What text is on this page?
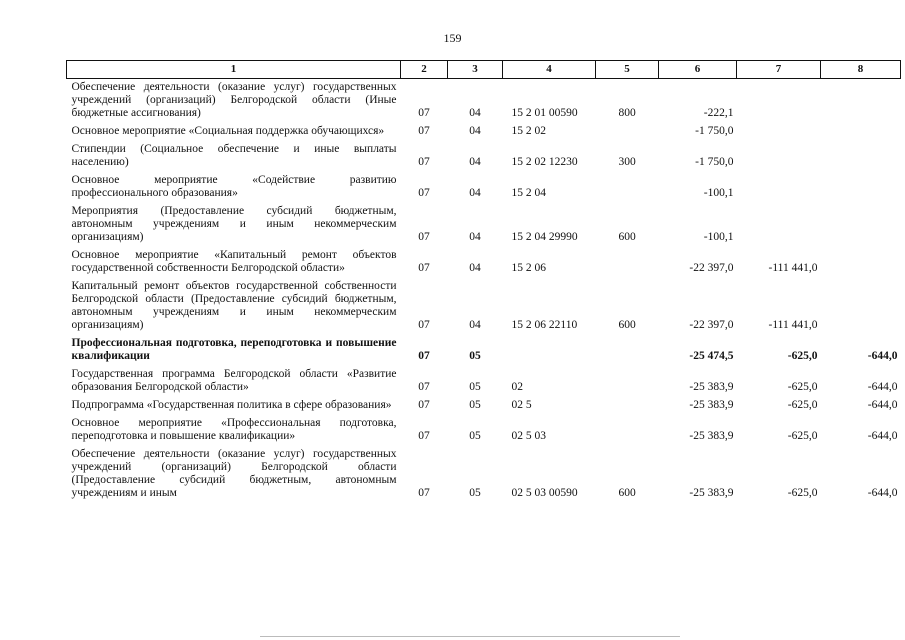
159
1	2	3	4	5	6	7	8
Обеспечение деятельности (оказание услуг) государственных учреждений (организаций) Белгородской области (Иные бюджетные ассигнования)	07	04	15 2 01 00590	800	-222,1		
Основное мероприятие «Социальная поддержка обучающихся»	07	04	15 2 02		-1 750,0		
Стипендии (Социальное обеспечение и иные выплаты населению)	07	04	15 2 02 12230	300	-1 750,0		
Основное мероприятие «Содействие развитию профессионального образования»	07	04	15 2 04		-100,1		
Мероприятия (Предоставление субсидий бюджетным, автономным учреждениям и иным некоммерческим организациям)	07	04	15 2 04 29990	600	-100,1		
Основное мероприятие «Капитальный ремонт объектов государственной собственности Белгородской области»	07	04	15 2 06		-22 397,0	-111 441,0	
Капитальный ремонт объектов государственной собственности Белгородской области (Предоставление субсидий бюджетным, автономным учреждениям и иным некоммерческим организациям)	07	04	15 2 06 22110	600	-22 397,0	-111 441,0	
Профессиональная подготовка, переподготовка и повышение квалификации	07	05			-25 474,5	-625,0	-644,0
Государственная программа Белгородской области «Развитие образования Белгородской области»	07	05	02		-25 383,9	-625,0	-644,0
Подпрограмма «Государственная политика в сфере образования»	07	05	02 5		-25 383,9	-625,0	-644,0
Основное мероприятие «Профессиональная подготовка, переподготовка и повышение квалификации»	07	05	02 5 03		-25 383,9	-625,0	-644,0
Обеспечение деятельности (оказание услуг) государственных учреждений (организаций) Белгородской области (Предоставление субсидий бюджетным, автономным учреждениям и иным	07	05	02 5 03 00590	600	-25 383,9	-625,0	-644,0
